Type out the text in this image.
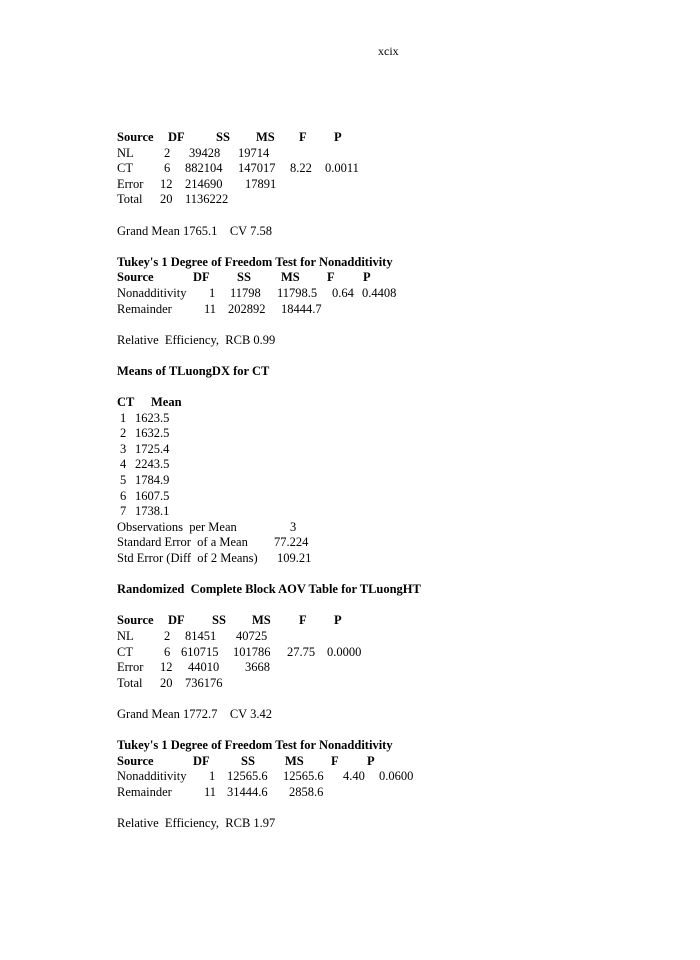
xcix
Source DF	SS MS F P
NL 2 39428 19714
CT 6 882104 147017 8.22 0.0011
Error 12 214690 17891
Total 20 1136222
Grand Mean 1765.1    CV 7.58
Tukey's 1 Degree of Freedom Test for Nonadditivity
Source	DF SS MS F P
Nonadditivity 1 11798 11798.5 0.64 0.4408
Remainder	11 202892 18444.7
Relative  Efficiency,  RCB 0.99
Means of TLuongDX for CT
CT Mean
1 1623.5
2 1632.5
3 1725.4
4 2243.5
5 1784.9
6 1607.5
7 1738.1
Observations  per Mean	3
Standard Error  of a Mean 77.224
Std Error (Diff  of 2 Means) 109.21
Randomized  Complete Block AOV Table for TLuongHT
Source DF SS MS F P
NL 2 81451 40725
CT 6 610715 101786 27.75 0.0000
Error 12 44010 3668
Total 20 736176
Grand Mean 1772.7    CV 3.42
Tukey's 1 Degree of Freedom Test for Nonadditivity
Source	DF	SS MS F P
Nonadditivity 1 12565.6 12565.6 4.40 0.0600
Remainder	11 31444.6 2858.6
Relative  Efficiency,  RCB 1.97
